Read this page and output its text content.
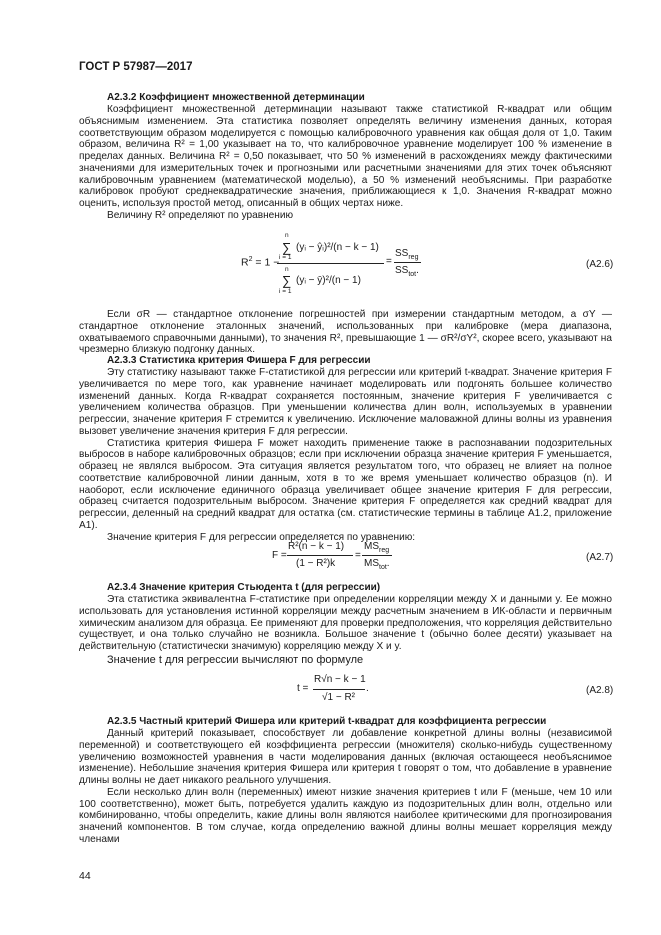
ГОСТ Р 57987—2017

А2.3.2 Коэффициент множественной детерминации

Коэффициент множественной детерминации называют также статистикой R-квадрат или общим объяснимым изменением. Эта статистика позволяет определять величину изменения данных, которая соответствующим образом моделируется с помощью калибровочного уравнения как общая доля от 1,0. Таким образом, величина R² = 1,00 указывает на то, что калибровочное уравнение моделирует 100 % изменение в пределах данных. Величина R² = 0,50 показывает, что 50 % изменений в расхождениях между фактическими значениями для измерительных точек и прогнозными или расчетными значениями для этих точек объясняют калибровочным уравнением (математической моделью), а 50 % изменений необъяснимы. При разработке калибровок пробуют среднеквадратические значения, приближающиеся к 1,0. Значения R-квадрат можно оценить, используя простой метод, описанный в общих чертах ниже.

Величину R² определяют по уравнению

$R^2 = 1$ −
n
∑
i = 1
(yᵢ − ŷᵢ)²/(n − k − 1)
n
∑
i = 1
(yᵢ − ȳ)²/(n − 1)
=
$SS_{reg}$
$SS_{tot}$.
(А2.6)

Если σR — стандартное отклонение погрешностей при измерении стандартным методом, а σY — стандартное отклонение эталонных значений, использованных при калибровке (мера диапазона, охватываемого справочными данными), то значения R², превышающие 1 — σR²/σY², скорее всего, указывают на чрезмерно близкую подгонку данных.

А2.3.3 Статистика критерия Фишера F для регрессии

Эту статистику называют также F-статистикой для регрессии или критерий t-квадрат. Значение критерия F увеличивается по мере того, как уравнение начинает моделировать или подгонять большее количество изменений данных. Когда R-квадрат сохраняется постоянным, значение критерия F увеличивается с увеличением количества образцов. При уменьшении количества длин волн, используемых в уравнении регрессии, значение критерия F стремится к увеличению. Исключение маловажной длины волны из уравнения вызовет увеличение значения критерия F для регрессии.

Статистика критерия Фишера F может находить применение также в распознавании подозрительных выбросов в наборе калибровочных образцов; если при исключении образца значение критерия F уменьшается, образец не являлся выбросом. Эта ситуация является результатом того, что образец не влияет на полное соответствие калибровочной линии данным, хотя в то же время уменьшает количество образцов (n). И наоборот, если исключение единичного образца увеличивает общее значение критерия F для регрессии, образец считается подозрительным выбросом. Значение критерия F определяется как средний квадрат для регрессии, деленный на средний квадрат для остатка (см. статистические термины в таблице А1.2, приложение А1).

Значение критерия F для регрессии определяется по уравнению:

F =
R²(n − k − 1)
(1 − R²)k
=
$MS_{reg}$
$MS_{tot}$.
(А2.7)

А2.3.4 Значение критерия Стьюдента t (для регрессии)

Эта статистика эквивалентна F-статистике при определении корреляции между X и данными y. Ее можно использовать для установления истинной корреляции между расчетным значением в ИК-области и первичным химическим анализом для образца. Ее применяют для проверки предположения, что корреляция действительно существует, и она только случайно не возникла. Большое значение t (обычно более десяти) указывает на действительную (статистически значимую) корреляцию между X и y.

Значение t для регрессии вычисляют по формуле

t =
R√n − k − 1
√1 − R²
.	(А2.8)

А2.3.5 Частный критерий Фишера или критерий t-квадрат для коэффициента регрессии

Данный критерий показывает, способствует ли добавление конкретной длины волны (независимой переменной) и соответствующего ей коэффициента регрессии (множителя) сколько-нибудь существенному увеличению возможностей уравнения в части моделирования данных (включая остающееся необъяснимое изменение). Небольшие значения критерия Фишера или критерия t говорят о том, что добавление в уравнение длины волны не дает никакого реального улучшения.

Если несколько длин волн (переменных) имеют низкие значения критериев t или F (меньше, чем 10 или 100 соответственно), может быть, потребуется удалить каждую из подозрительных длин волн, отдельно или комбинированно, чтобы определить, какие длины волн являются наиболее критическими для прогнозирования значений компонентов. В том случае, когда определению важной длины волны мешает корреляция между членами

44
